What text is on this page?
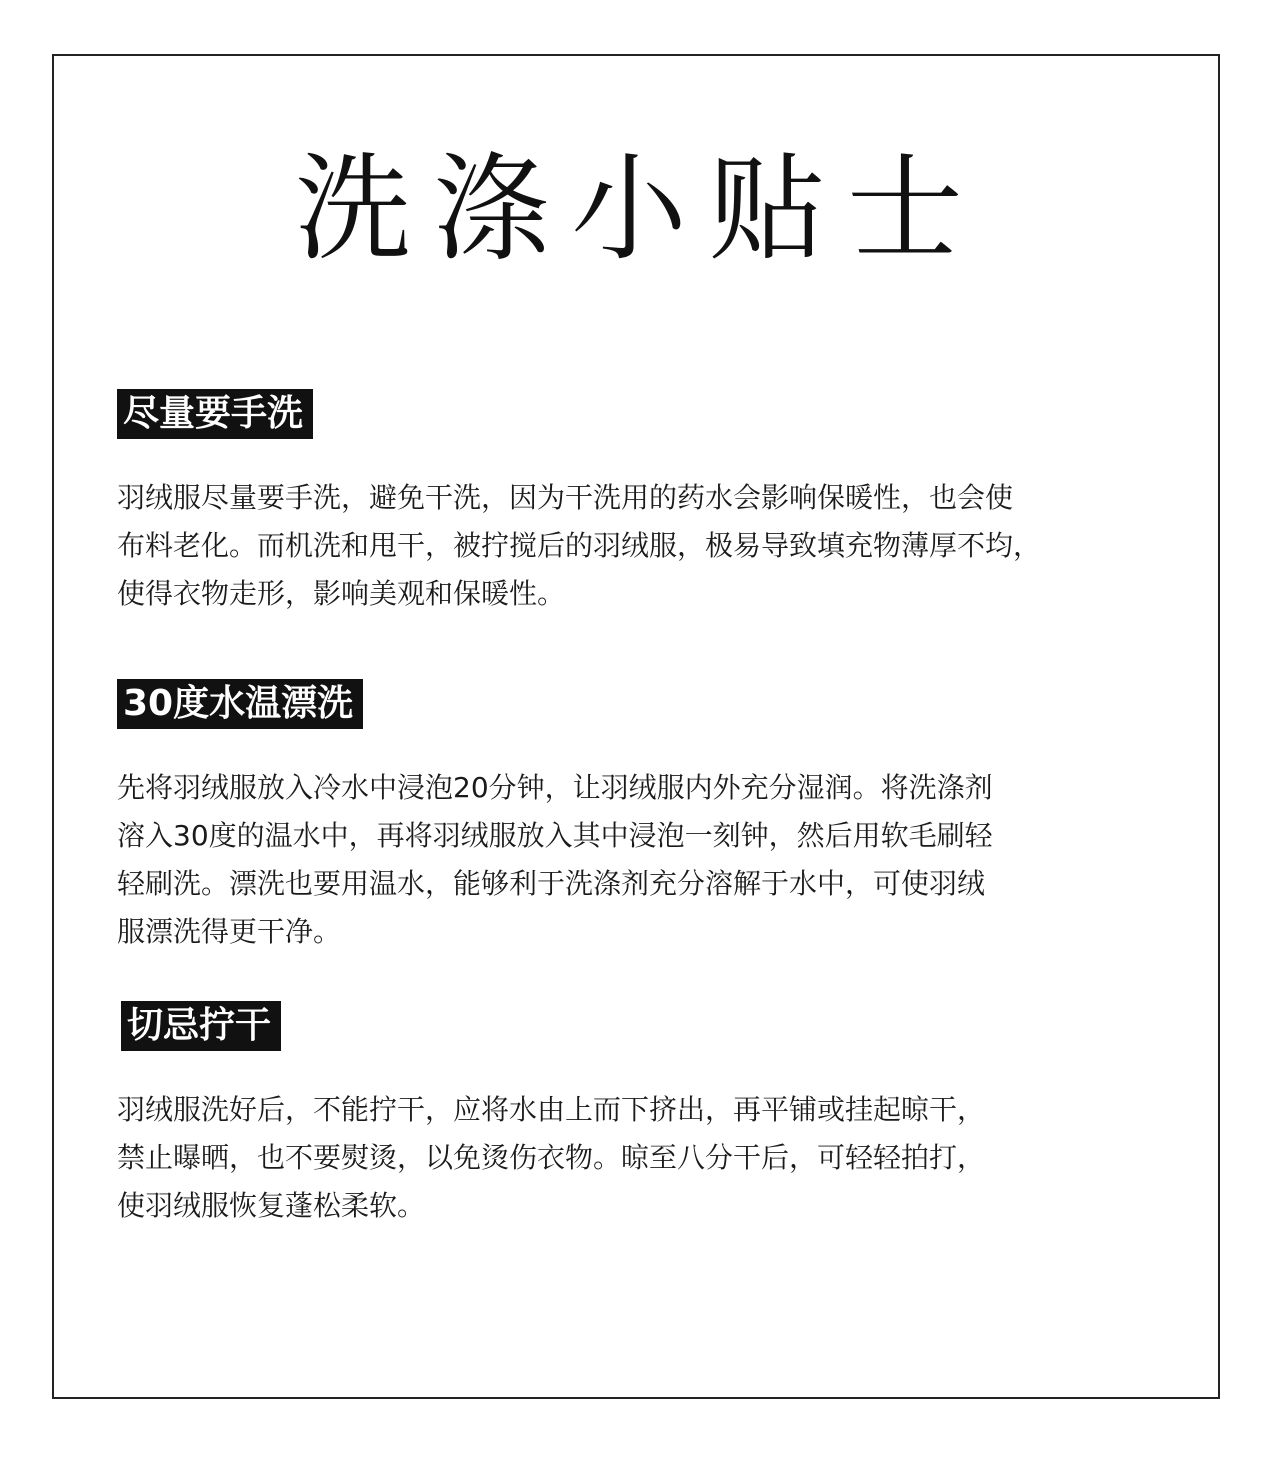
洗涤小贴士
尽量要手洗
羽绒服尽量要手洗，避免干洗，因为干洗用的药水会影响保暖性，也会使
布料老化。而机洗和甩干，被拧搅后的羽绒服，极易导致填充物薄厚不均，
使得衣物走形，影响美观和保暖性。
30度水温漂洗
先将羽绒服放入冷水中浸泡20分钟，让羽绒服内外充分湿润。将洗涤剂
溶入30度的温水中，再将羽绒服放入其中浸泡一刻钟，然后用软毛刷轻
轻刷洗。漂洗也要用温水，能够利于洗涤剂充分溶解于水中，可使羽绒
服漂洗得更干净。
切忌拧干
羽绒服洗好后，不能拧干，应将水由上而下挤出，再平铺或挂起晾干，
禁止曝晒，也不要熨烫，以免烫伤衣物。晾至八分干后，可轻轻拍打，
使羽绒服恢复蓬松柔软。
